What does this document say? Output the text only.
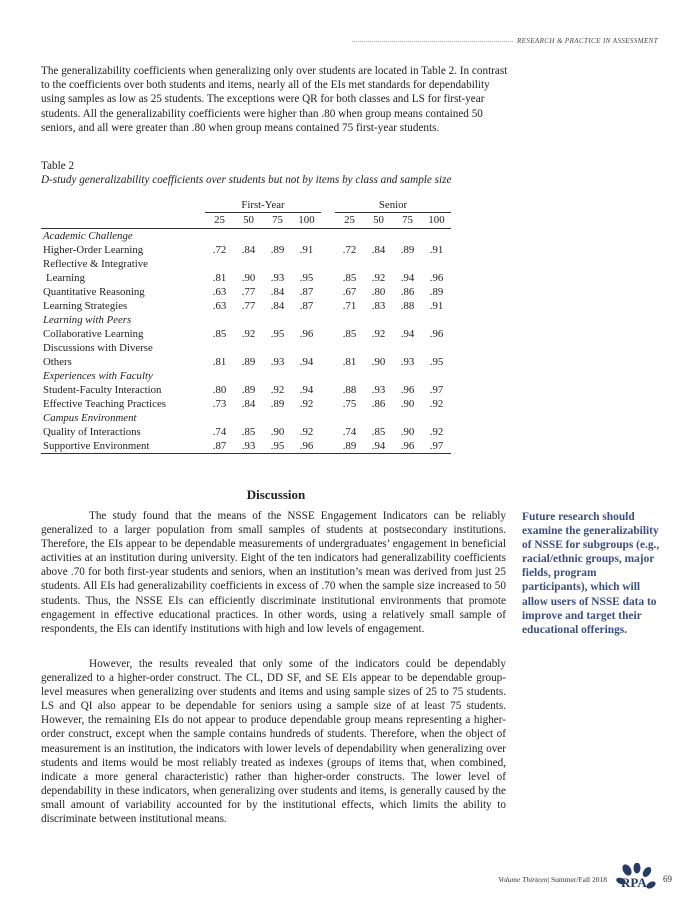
RESEARCH & PRACTICE IN ASSESSMENT

The generalizability coefficients when generalizing only over students are located in Table 2. In contrast to the coefficients over both students and items, nearly all of the EIs met standards for dependability using samples as low as 25 students. The exceptions were QR for both classes and LS for first-year students. All the generalizability coefficients were higher than .80 when group means contained 50 seniors, and all were greater than .80 when group means contained 75 first-year students.

Table 2
D-study generalizability coefficients over students but not by items by class and sample size
	First-Year					Senior			
	25	50	75	100		25	50	75	100
Academic Challenge									
Higher-Order Learning	.72	.84	.89	.91		.72	.84	.89	.91
Reflective & Integrative									
Learning	.81	.90	.93	.95		.85	.92	.94	.96
Quantitative Reasoning	.63	.77	.84	.87		.67	.80	.86	.89
Learning Strategies	.63	.77	.84	.87		.71	.83	.88	.91
Learning with Peers									
Collaborative Learning	.85	.92	.95	.96		.85	.92	.94	.96
Discussions with Diverse									
Others	.81	.89	.93	.94		.81	.90	.93	.95
Experiences with Faculty									
Student-Faculty Interaction	.80	.89	.92	.94		.88	.93	.96	.97
Effective Teaching Practices	.73	.84	.89	.92		.75	.86	.90	.92
Campus Environment									
Quality of Interactions	.74	.85	.90	.92		.74	.85	.90	.92
Supportive Environment	.87	.93	.95	.96		.89	.94	.96	.97
Discussion

The study found that the means of the NSSE Engagement Indicators can be reliably generalized to a larger population from small samples of students at postsecondary institutions. Therefore, the EIs appear to be dependable measurements of undergraduates’ engagement in beneficial activities at an institution during university. Eight of the ten indicators had generalizability coefficients above .70 for both first-year students and seniors, when an institution’s mean was derived from just 25 students. All EIs had generalizability coefficients in excess of .70 when the sample size increased to 50 students. Thus, the NSSE EIs can efficiently discriminate institutional environments that promote engagement in effective educational practices. In other words, using a relatively small sample of respondents, the EIs can identify institutions with high and low levels of engagement.

However, the results revealed that only some of the indicators could be dependably generalized to a higher-order construct. The CL, DD SF, and SE EIs appear to be dependable group-level measures when generalizing over students and items and using sample sizes of 25 to 75 students. LS and QI also appear to be dependable for seniors using a sample size of at least 75 students. However, the remaining EIs do not appear to produce dependable group means representing a higher-order construct, except when the sample contains hundreds of students. Therefore, when the object of measurement is an institution, the indicators with lower levels of dependability when generalizing over students and items would be most reliably treated as indexes (groups of items that, when combined, indicate a more general characteristic) rather than higher-order constructs. The lower level of dependability in these indicators, when generalizing over students and items, is generally caused by the small amount of variability accounted for by the institutional effects, which limits the ability to discriminate between institutional means.

Future research should examine the generalizability of NSSE for subgroups (e.g., racial/ethnic groups, major fields, program participants), which will allow users of NSSE data to improve and target their educational offerings.
Volume Thirteen | Summer/Fall 2018 RPA 69
